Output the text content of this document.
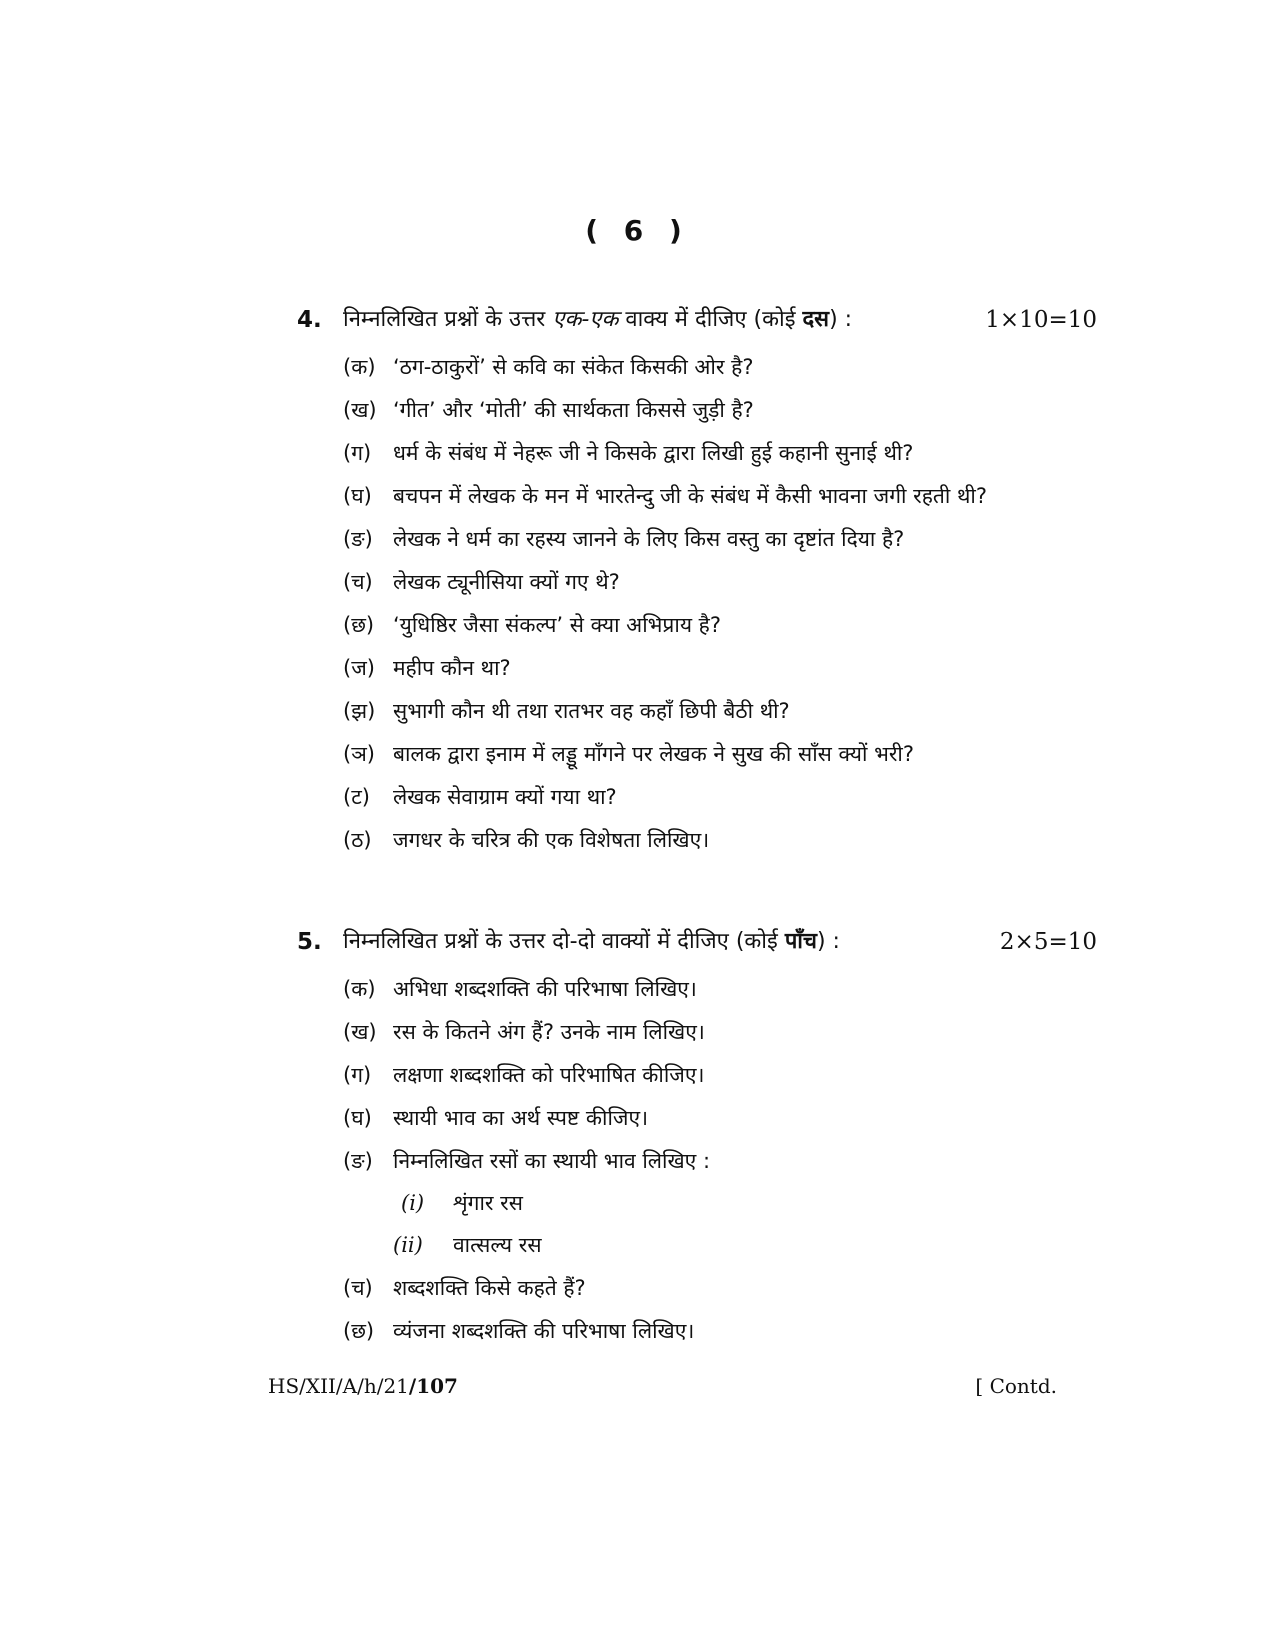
( 6 )
4. निम्नलिखित प्रश्नों के उत्तर एक-एक वाक्य में दीजिए (कोई दस) :	1×10=10
(क) ‘ठग-ठाकुरों’ से कवि का संकेत किसकी ओर है?
(ख) ‘गीत’ और ‘मोती’ की सार्थकता किससे जुड़ी है?
(ग) धर्म के संबंध में नेहरू जी ने किसके द्वारा लिखी हुई कहानी सुनाई थी?
(घ) बचपन में लेखक के मन में भारतेन्दु जी के संबंध में कैसी भावना जगी रहती थी?
(ङ) लेखक ने धर्म का रहस्य जानने के लिए किस वस्तु का दृष्टांत दिया है?
(च) लेखक ट्यूनीसिया क्यों गए थे?
(छ) ‘युधिष्ठिर जैसा संकल्प’ से क्या अभिप्राय है?
(ज) महीप कौन था?
(झ) सुभागी कौन थी तथा रातभर वह कहाँ छिपी बैठी थी?
(ञ) बालक द्वारा इनाम में लड्डू माँगने पर लेखक ने सुख की साँस क्यों भरी?
(ट) लेखक सेवाग्राम क्यों गया था?
(ठ) जगधर के चरित्र की एक विशेषता लिखिए।
5. निम्नलिखित प्रश्नों के उत्तर दो-दो वाक्यों में दीजिए (कोई पाँच) :	2×5=10
(क) अभिधा शब्दशक्ति की परिभाषा लिखिए।
(ख) रस के कितने अंग हैं? उनके नाम लिखिए।
(ग) लक्षणा शब्दशक्ति को परिभाषित कीजिए।
(घ) स्थायी भाव का अर्थ स्पष्ट कीजिए।
(ङ) निम्नलिखित रसों का स्थायी भाव लिखिए :
(i) शृंगार रस
(ii) वात्सल्य रस
(च) शब्दशक्ति किसे कहते हैं?
(छ) व्यंजना शब्दशक्ति की परिभाषा लिखिए।
HS/XII/A/h/21/107	[ Contd.
